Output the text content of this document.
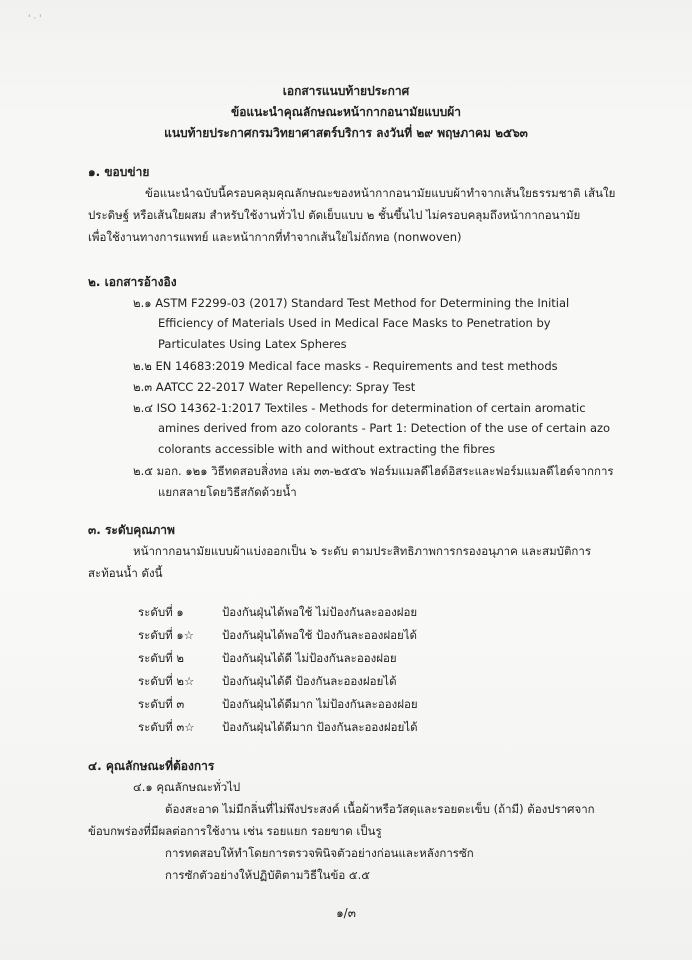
' · '
เอกสารแนบท้ายประกาศ
ข้อแนะนำคุณลักษณะหน้ากากอนามัยแบบผ้า
แนบท้ายประกาศกรมวิทยาศาสตร์บริการ ลงวันที่ ๒๙ พฤษภาคม ๒๕๖๓
๑. ขอบข่าย
ข้อแนะนำฉบับนี้ครอบคลุมคุณลักษณะของหน้ากากอนามัยแบบผ้าทำจากเส้นใยธรรมชาติ เส้นใย
ประดิษฐ์ หรือเส้นใยผสม สำหรับใช้งานทั่วไป ตัดเย็บแบบ ๒ ชั้นขึ้นไป ไม่ครอบคลุมถึงหน้ากากอนามัย
เพื่อใช้งานทางการแพทย์ และหน้ากากที่ทำจากเส้นใยไม่ถักทอ (nonwoven)
๒. เอกสารอ้างอิง
๒.๑ ASTM F2299-03 (2017) Standard Test Method for Determining the Initial
Efficiency of Materials Used in Medical Face Masks to Penetration by
Particulates Using Latex Spheres
๒.๒ EN 14683:2019 Medical face masks - Requirements and test methods
๒.๓ AATCC 22-2017 Water Repellency: Spray Test
๒.๔ ISO 14362-1:2017 Textiles - Methods for determination of certain aromatic
amines derived from azo colorants - Part 1: Detection of the use of certain azo
colorants accessible with and without extracting the fibres
๒.๕ มอก. ๑๒๑ วิธีทดสอบสิ่งทอ เล่ม ๓๓-๒๕๕๖ ฟอร์มแมลดีไฮด์อิสระและฟอร์มแมลดีไฮด์จากการ
แยกสลายโดยวิธีสกัดด้วยน้ำ
๓. ระดับคุณภาพ
หน้ากากอนามัยแบบผ้าแบ่งออกเป็น ๖ ระดับ ตามประสิทธิภาพการกรองอนุภาค และสมบัติการ
สะท้อนน้ำ ดังนี้
ระดับที่ ๑	ป้องกันฝุ่นได้พอใช้ ไม่ป้องกันละอองฝอย
ระดับที่ ๑☆ ป้องกันฝุ่นได้พอใช้ ป้องกันละอองฝอยได้
ระดับที่ ๒	ป้องกันฝุ่นได้ดี ไม่ป้องกันละอองฝอย
ระดับที่ ๒☆ ป้องกันฝุ่นได้ดี ป้องกันละอองฝอยได้
ระดับที่ ๓	ป้องกันฝุ่นได้ดีมาก ไม่ป้องกันละอองฝอย
ระดับที่ ๓☆ ป้องกันฝุ่นได้ดีมาก ป้องกันละอองฝอยได้
๔. คุณลักษณะที่ต้องการ
๔.๑ คุณลักษณะทั่วไป
ต้องสะอาด ไม่มีกลิ่นที่ไม่พึงประสงค์ เนื้อผ้าหรือวัสดุและรอยตะเข็บ (ถ้ามี) ต้องปราศจาก
ข้อบกพร่องที่มีผลต่อการใช้งาน เช่น รอยแยก รอยขาด เป็นรู
การทดสอบให้ทำโดยการตรวจพินิจตัวอย่างก่อนและหลังการซัก
การซักตัวอย่างให้ปฏิบัติตามวิธีในข้อ ๕.๕
๑/๓
